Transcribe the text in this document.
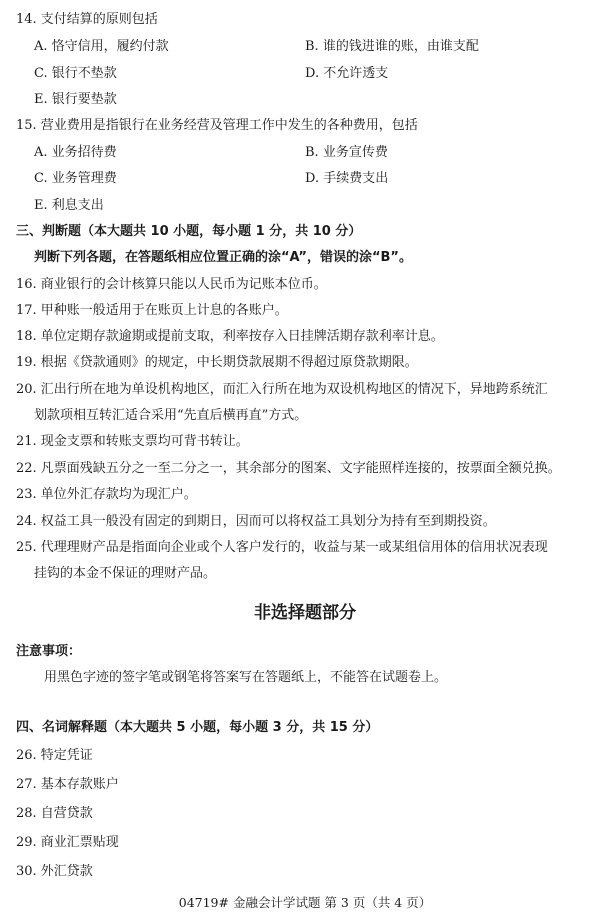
14. 支付结算的原则包括
A. 恪守信用，履约付款	B. 谁的钱进谁的账，由谁支配
C. 银行不垫款	D. 不允许透支
E. 银行要垫款
15. 营业费用是指银行在业务经营及管理工作中发生的各种费用，包括
A. 业务招待费	B. 业务宣传费
C. 业务管理费	D. 手续费支出
E. 利息支出
三、判断题（本大题共 10 小题，每小题 1 分，共 10 分）
判断下列各题，在答题纸相应位置正确的涂“A”，错误的涂“B”。
16. 商业银行的会计核算只能以人民币为记账本位币。
17. 甲种账一般适用于在账页上计息的各账户。
18. 单位定期存款逾期或提前支取，利率按存入日挂牌活期存款利率计息。
19. 根据《贷款通则》的规定，中长期贷款展期不得超过原贷款期限。
20. 汇出行所在地为单设机构地区，而汇入行所在地为双设机构地区的情况下，异地跨系统汇
划款项相互转汇适合采用“先直后横再直”方式。
21. 现金支票和转账支票均可背书转让。
22. 凡票面残缺五分之一至二分之一，其余部分的图案、文字能照样连接的，按票面全额兑换。
23. 单位外汇存款均为现汇户。
24. 权益工具一般没有固定的到期日，因而可以将权益工具划分为持有至到期投资。
25. 代理理财产品是指面向企业或个人客户发行的，收益与某一或某组信用体的信用状况表现
挂钩的本金不保证的理财产品。
非选择题部分
注意事项：
用黑色字迹的签字笔或钢笔将答案写在答题纸上，不能答在试题卷上。
四、名词解释题（本大题共 5 小题，每小题 3 分，共 15 分）
26. 特定凭证
27. 基本存款账户
28. 自营贷款
29. 商业汇票贴现
30. 外汇贷款
04719# 金融会计学试题 第 3 页（共 4 页）
